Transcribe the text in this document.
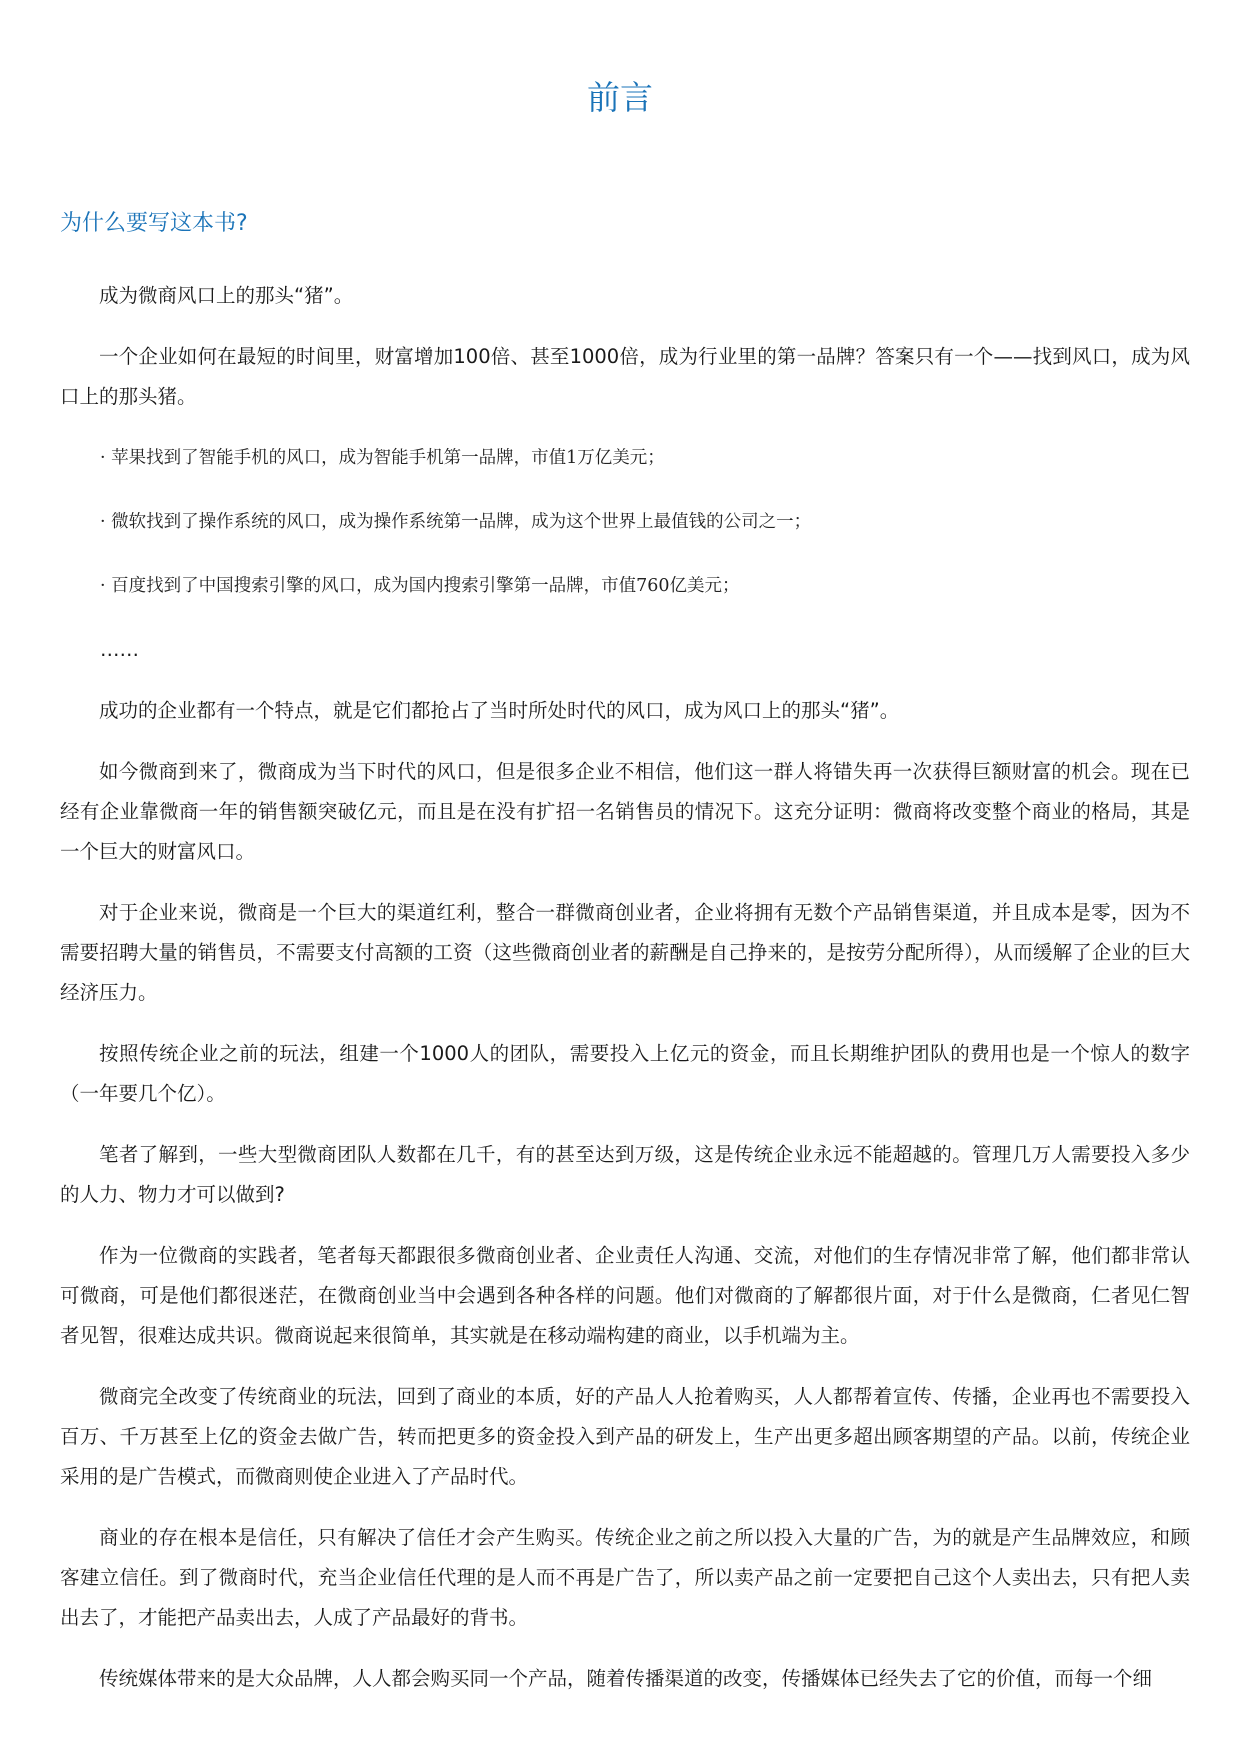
前言
为什么要写这本书?

成为微商风口上的那头“猪”。

一个企业如何在最短的时间里，财富增加100倍、甚至1000倍，成为行业里的第一品牌？答案只有一个——找到风口，成为风口上的那头猪。

· 苹果找到了智能手机的风口，成为智能手机第一品牌，市值1万亿美元；

· 微软找到了操作系统的风口，成为操作系统第一品牌，成为这个世界上最值钱的公司之一；

· 百度找到了中国搜索引擎的风口，成为国内搜索引擎第一品牌，市值760亿美元；

……

成功的企业都有一个特点，就是它们都抢占了当时所处时代的风口，成为风口上的那头“猪”。

如今微商到来了，微商成为当下时代的风口，但是很多企业不相信，他们这一群人将错失再一次获得巨额财富的机会。现在已经有企业靠微商一年的销售额突破亿元，而且是在没有扩招一名销售员的情况下。这充分证明：微商将改变整个商业的格局，其是一个巨大的财富风口。

对于企业来说，微商是一个巨大的渠道红利，整合一群微商创业者，企业将拥有无数个产品销售渠道，并且成本是零，因为不需要招聘大量的销售员，不需要支付高额的工资（这些微商创业者的薪酬是自己挣来的，是按劳分配所得），从而缓解了企业的巨大经济压力。

按照传统企业之前的玩法，组建一个1000人的团队，需要投入上亿元的资金，而且长期维护团队的费用也是一个惊人的数字（一年要几个亿）。

笔者了解到，一些大型微商团队人数都在几千，有的甚至达到万级，这是传统企业永远不能超越的。管理几万人需要投入多少的人力、物力才可以做到?

作为一位微商的实践者，笔者每天都跟很多微商创业者、企业责任人沟通、交流，对他们的生存情况非常了解，他们都非常认可微商，可是他们都很迷茫，在微商创业当中会遇到各种各样的问题。他们对微商的了解都很片面，对于什么是微商，仁者见仁智者见智，很难达成共识。微商说起来很简单，其实就是在移动端构建的商业，以手机端为主。

微商完全改变了传统商业的玩法，回到了商业的本质，好的产品人人抢着购买，人人都帮着宣传、传播，企业再也不需要投入百万、千万甚至上亿的资金去做广告，转而把更多的资金投入到产品的研发上，生产出更多超出顾客期望的产品。以前，传统企业采用的是广告模式，而微商则使企业进入了产品时代。

商业的存在根本是信任，只有解决了信任才会产生购买。传统企业之前之所以投入大量的广告，为的就是产生品牌效应，和顾客建立信任。到了微商时代，充当企业信任代理的是人而不再是广告了，所以卖产品之前一定要把自己这个人卖出去，只有把人卖出去了，才能把产品卖出去，人成了产品最好的背书。

传统媒体带来的是大众品牌，人人都会购买同一个产品，随着传播渠道的改变，传播媒体已经失去了它的价值，而每一个细
